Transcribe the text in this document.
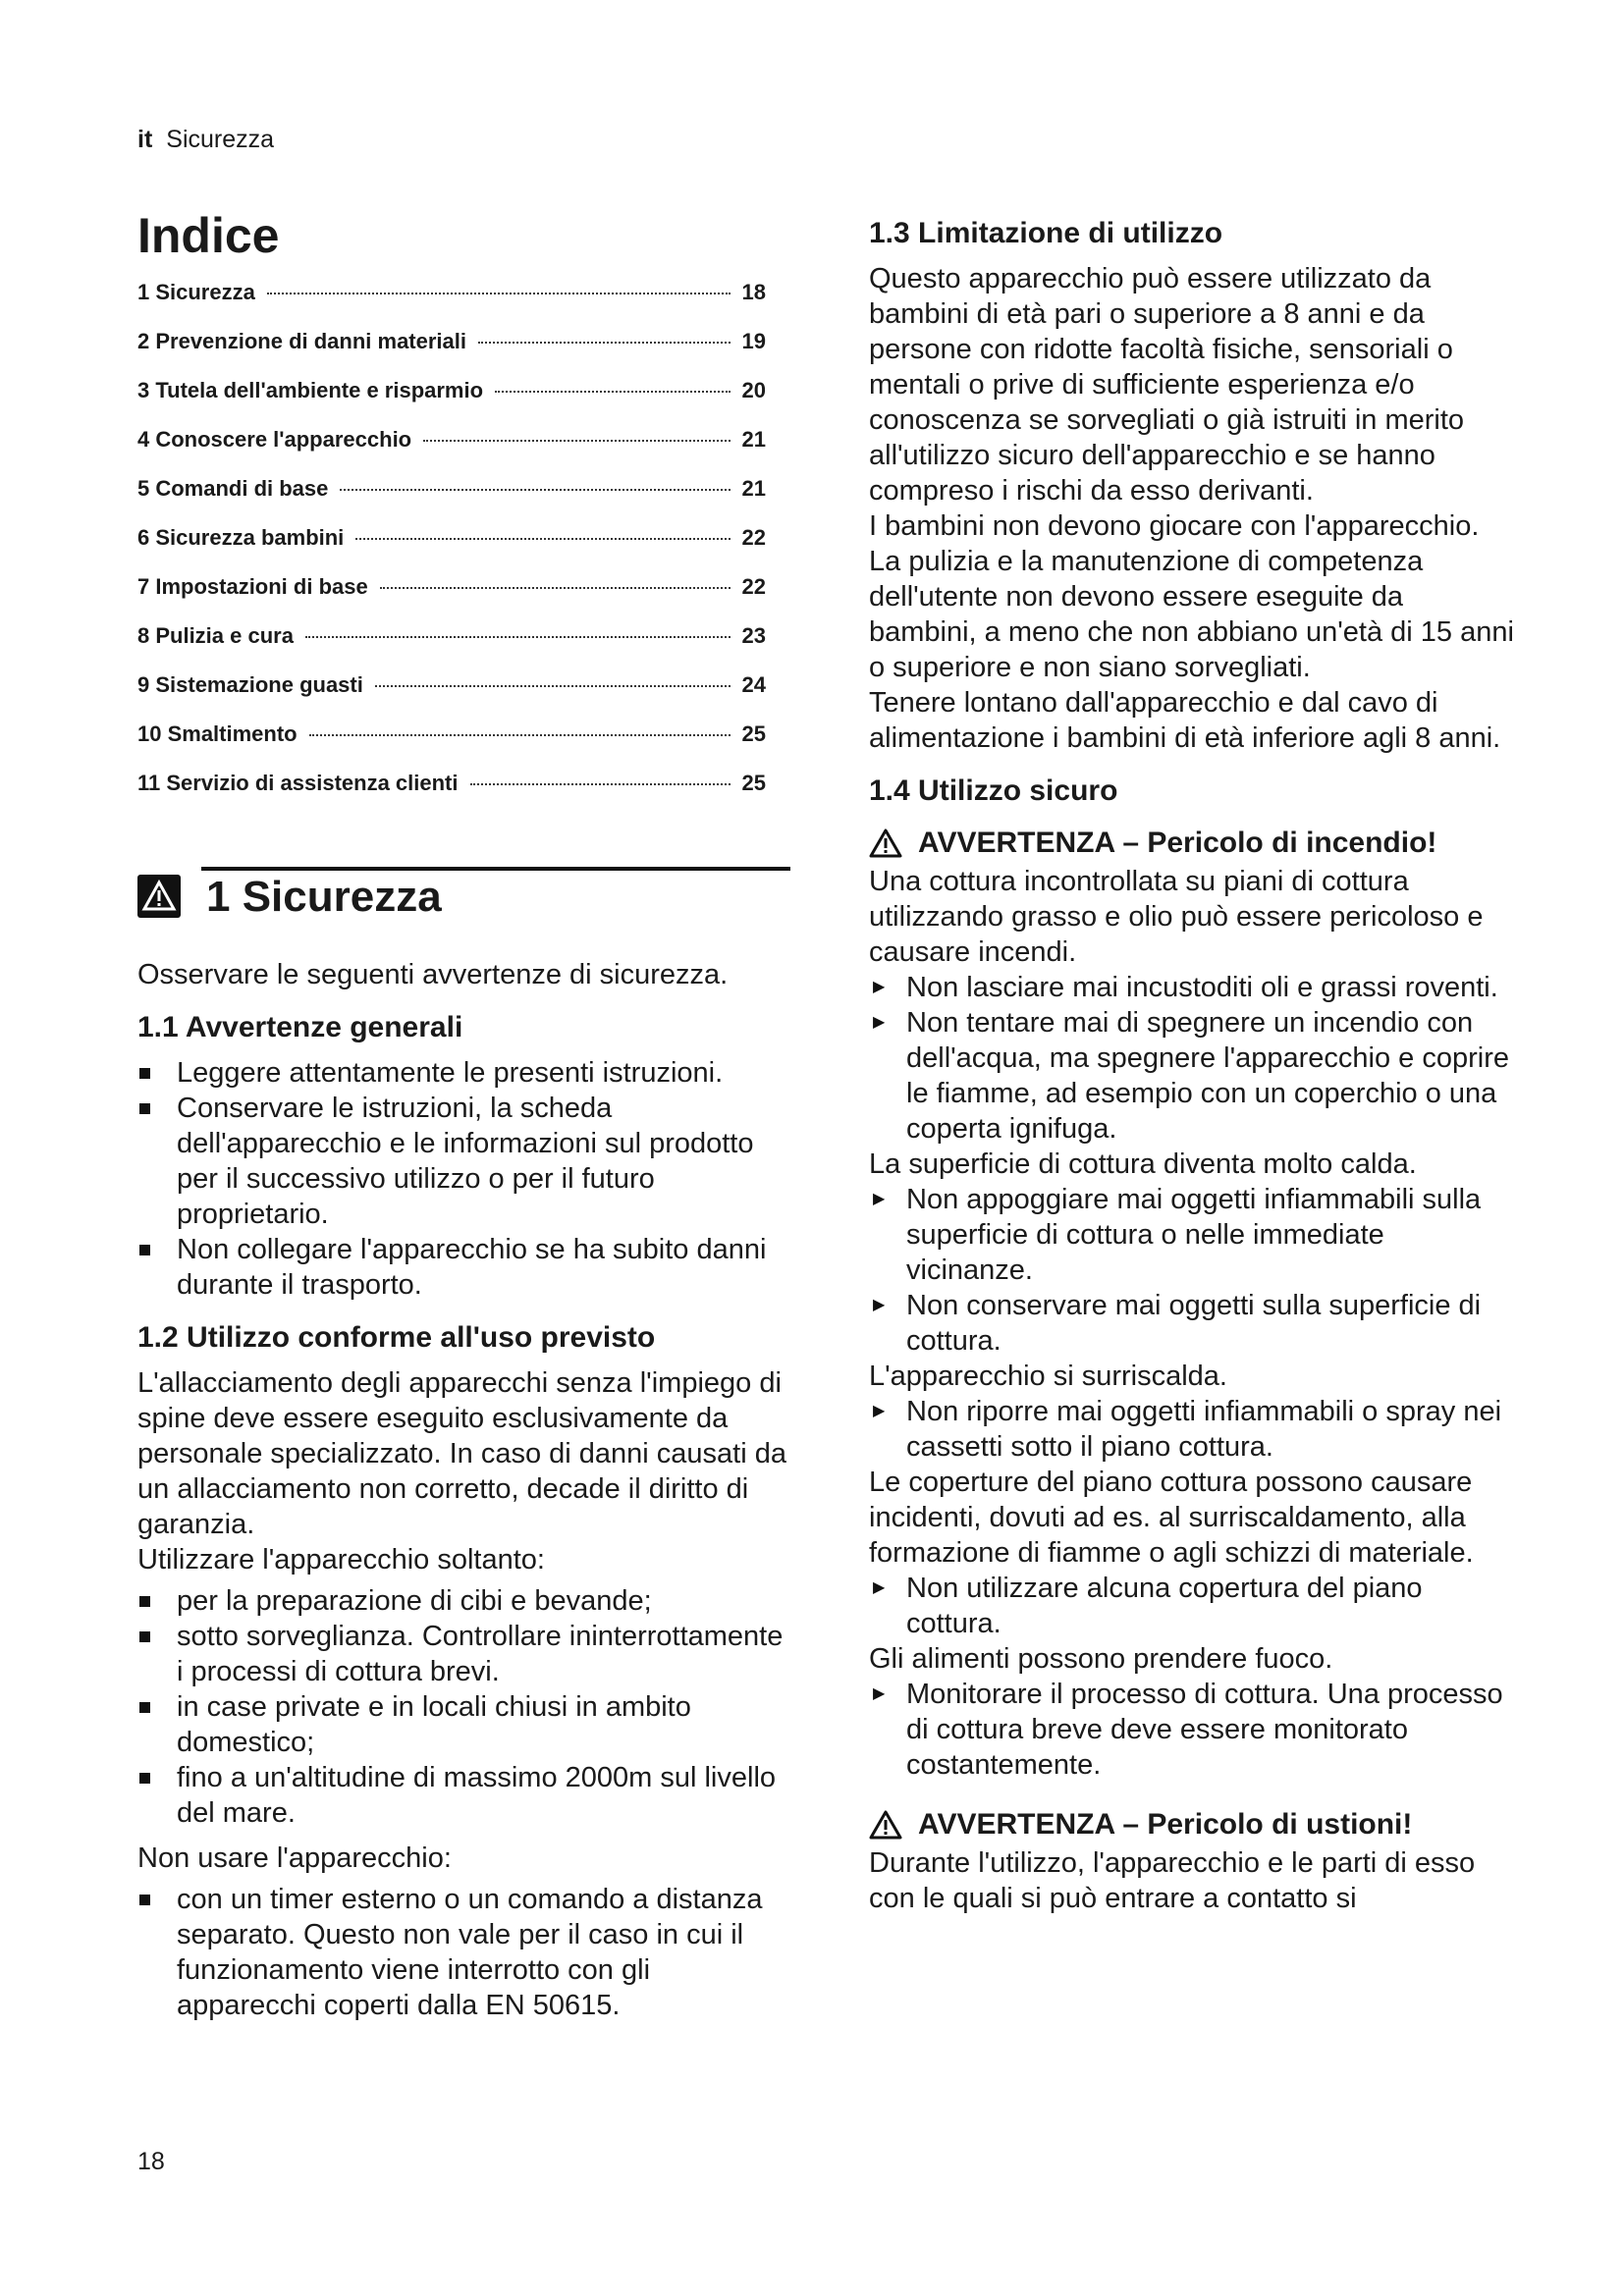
it Sicurezza
Indice
1 Sicurezza	18
2 Prevenzione di danni materiali	19
3 Tutela dell'ambiente e risparmio	20
4 Conoscere l'apparecchio	21
5 Comandi di base	21
6 Sicurezza bambini	22
7 Impostazioni di base	22
8 Pulizia e cura	23
9 Sistemazione guasti	24
10 Smaltimento	25
11 Servizio di assistenza clienti	25
1 Sicurezza

Osservare le seguenti avvertenze di sicurezza.

1.1 Avvertenze generali
Leggere attentamente le presenti istruzioni.
Conservare le istruzioni, la scheda dell'apparecchio e le informazioni sul prodotto per il successivo utilizzo o per il futuro proprietario.
Non collegare l'apparecchio se ha subito danni durante il trasporto.
1.2 Utilizzo conforme all'uso previsto

L'allacciamento degli apparecchi senza l'impiego di spine deve essere eseguito esclusivamente da personale specializzato. In caso di danni causati da un allacciamento non corretto, decade il diritto di garanzia.

Utilizzare l'apparecchio soltanto:

per la preparazione di cibi e bevande;
sotto sorveglianza. Controllare ininterrottamente i processi di cottura brevi.
in case private e in locali chiusi in ambito domestico;
fino a un'altitudine di massimo 2000m sul livello del mare.

Non usare l'apparecchio:

con un timer esterno o un comando a distanza separato. Questo non vale per il caso in cui il funzionamento viene interrotto con gli apparecchi coperti dalla EN 50615.
1.3 Limitazione di utilizzo

Questo apparecchio può essere utilizzato da bambini di età pari o superiore a 8 anni e da persone con ridotte facoltà fisiche, sensoriali o mentali o prive di sufficiente esperienza e/o conoscenza se sorvegliati o già istruiti in merito all'utilizzo sicuro dell'apparecchio e se hanno compreso i rischi da esso derivanti.

I bambini non devono giocare con l'apparecchio.

La pulizia e la manutenzione di competenza dell'utente non devono essere eseguite da bambini, a meno che non abbiano un'età di 15 anni o superiore e non siano sorvegliati.

Tenere lontano dall'apparecchio e dal cavo di alimentazione i bambini di età inferiore agli 8 anni.

1.4 Utilizzo sicuro
AVVERTENZA – Pericolo di incendio!

Una cottura incontrollata su piani di cottura utilizzando grasso e olio può essere pericoloso e causare incendi.

▶ Non lasciare mai incustoditi oli e grassi roventi.
▶ Non tentare mai di spegnere un incendio con dell'acqua, ma spegnere l'apparecchio e coprire le fiamme, ad esempio con un coperchio o una coperta ignifuga.

La superficie di cottura diventa molto calda.

▶ Non appoggiare mai oggetti infiammabili sulla superficie di cottura o nelle immediate vicinanze.
▶ Non conservare mai oggetti sulla superficie di cottura.

L'apparecchio si surriscalda.

▶ Non riporre mai oggetti infiammabili o spray nei cassetti sotto il piano cottura.

Le coperture del piano cottura possono causare incidenti, dovuti ad es. al surriscaldamento, alla formazione di fiamme o agli schizzi di materiale.

▶ Non utilizzare alcuna copertura del piano cottura.

Gli alimenti possono prendere fuoco.

▶ Monitorare il processo di cottura. Una processo di cottura breve deve essere monitorato costantemente.
AVVERTENZA – Pericolo di ustioni!

Durante l'utilizzo, l'apparecchio e le parti di esso con le quali si può entrare a contatto si

18
